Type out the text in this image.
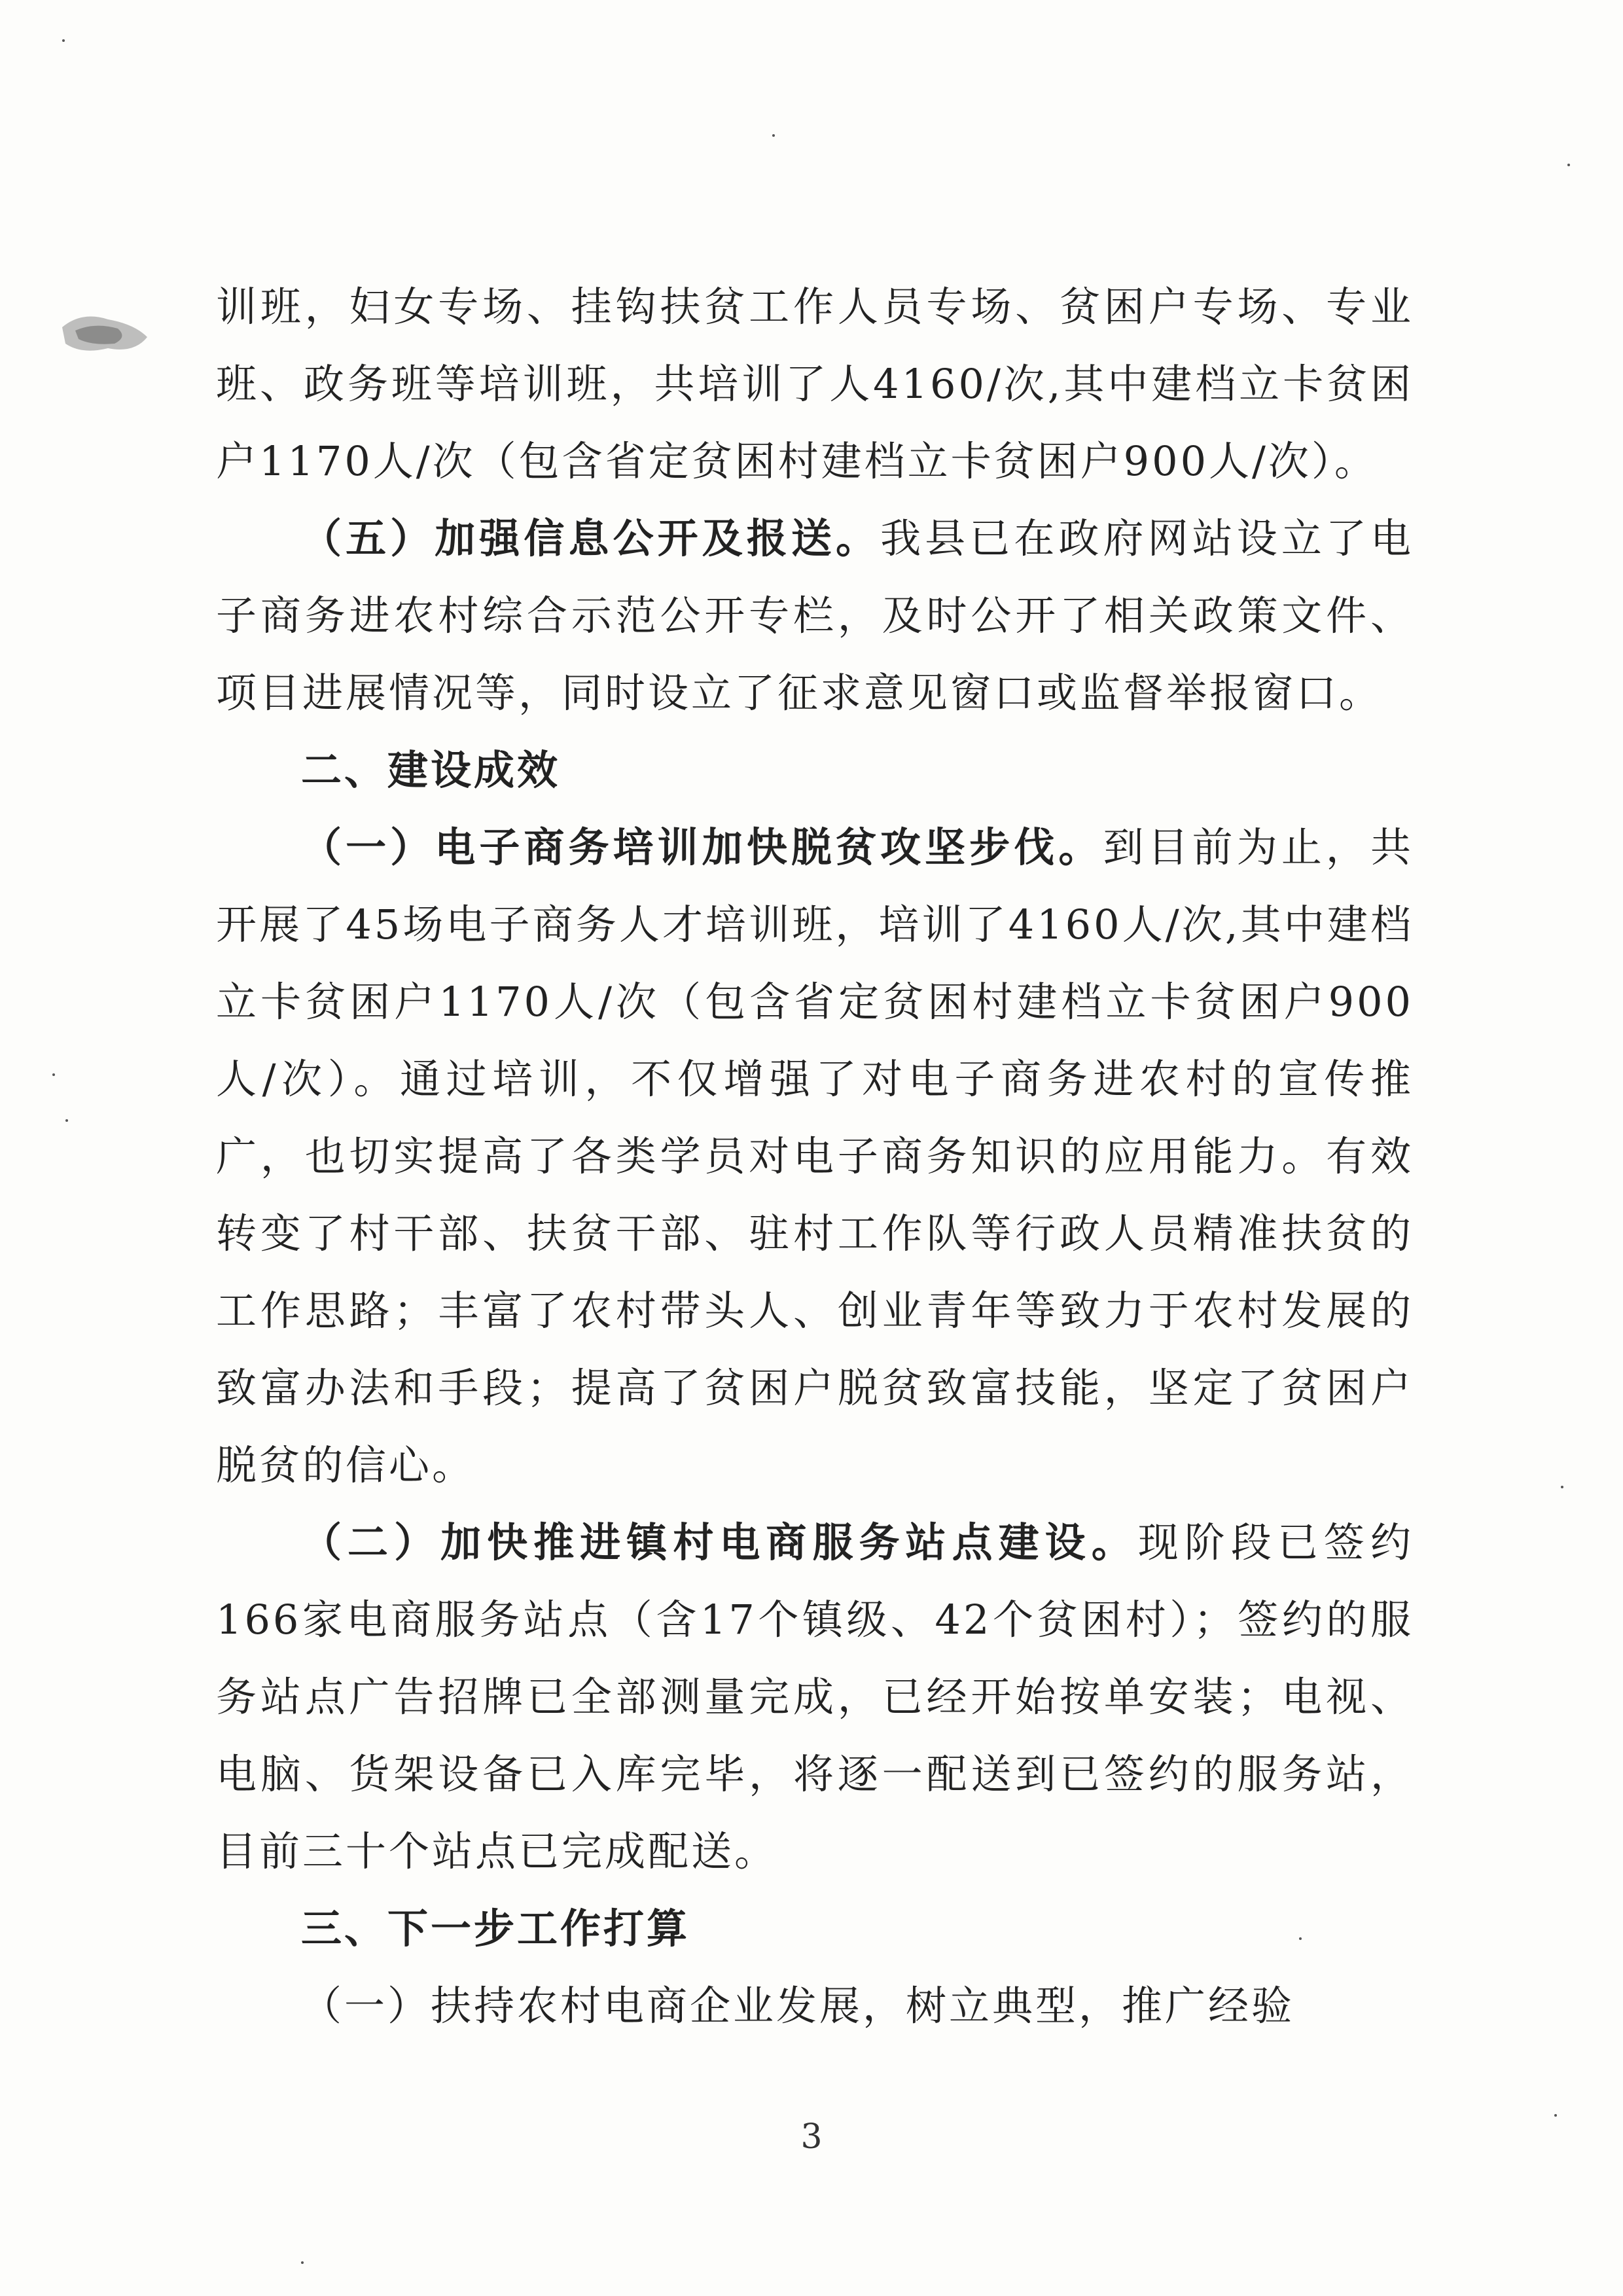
训班，妇女专场、挂钩扶贫工作人员专场、贫困户专场、专业班、政务班等培训班，共培训了人4160/次,其中建档立卡贫困户1170人/次（包含省定贫困村建档立卡贫困户900人/次）。

（五）加强信息公开及报送。我县已在政府网站设立了电子商务进农村综合示范公开专栏，及时公开了相关政策文件、项目进展情况等，同时设立了征求意见窗口或监督举报窗口。

二、建设成效

（一）电子商务培训加快脱贫攻坚步伐。到目前为止，共开展了45场电子商务人才培训班，培训了4160人/次,其中建档立卡贫困户1170人/次（包含省定贫困村建档立卡贫困户900人/次）。通过培训，不仅增强了对电子商务进农村的宣传推广，也切实提高了各类学员对电子商务知识的应用能力。有效转变了村干部、扶贫干部、驻村工作队等行政人员精准扶贫的工作思路；丰富了农村带头人、创业青年等致力于农村发展的致富办法和手段；提高了贫困户脱贫致富技能，坚定了贫困户脱贫的信心。

（二）加快推进镇村电商服务站点建设。现阶段已签约166家电商服务站点（含17个镇级、42个贫困村）；签约的服务站点广告招牌已全部测量完成，已经开始按单安装；电视、电脑、货架设备已入库完毕，将逐一配送到已签约的服务站，目前三十个站点已完成配送。

三、下一步工作打算

（一）扶持农村电商企业发展，树立典型，推广经验

3
